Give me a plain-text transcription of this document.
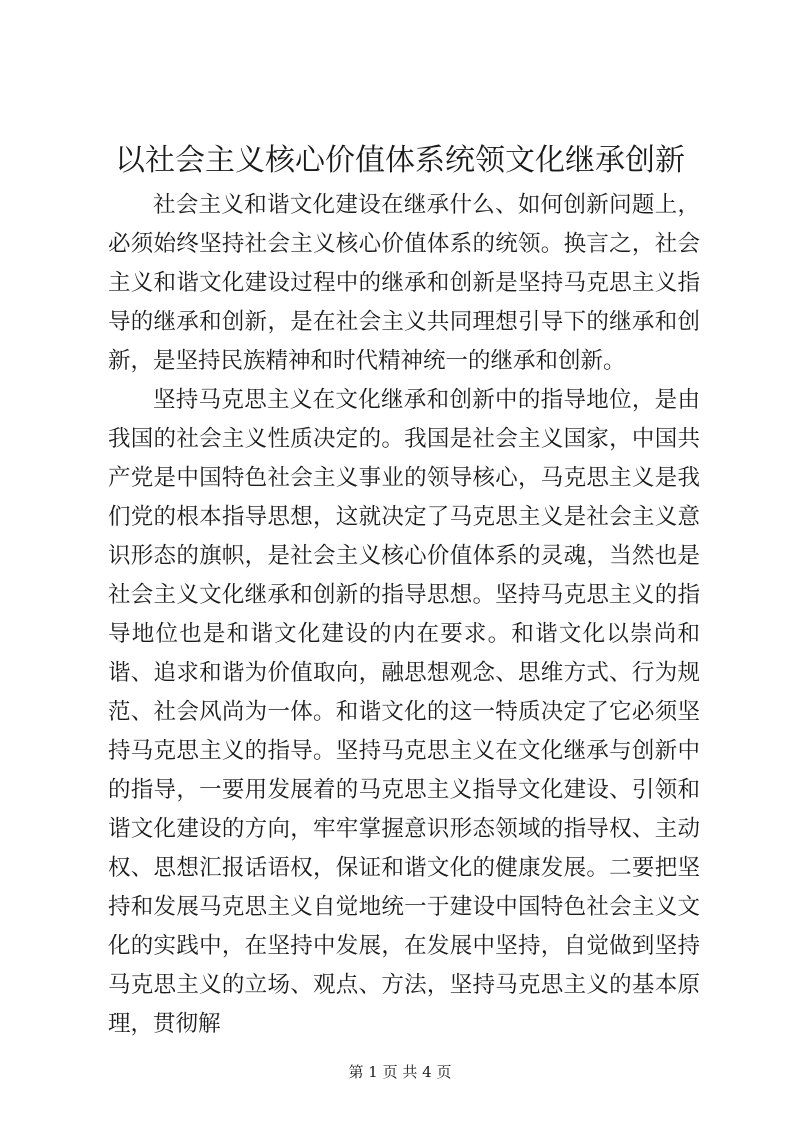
以社会主义核心价值体系统领文化继承创新

社会主义和谐文化建设在继承什么、如何创新问题上，必须始终坚持社会主义核心价值体系的统领。换言之，社会主义和谐文化建设过程中的继承和创新是坚持马克思主义指导的继承和创新，是在社会主义共同理想引导下的继承和创新，是坚持民族精神和时代精神统一的继承和创新。

坚持马克思主义在文化继承和创新中的指导地位，是由我国的社会主义性质决定的。我国是社会主义国家，中国共产党是中国特色社会主义事业的领导核心，马克思主义是我们党的根本指导思想，这就决定了马克思主义是社会主义意识形态的旗帜，是社会主义核心价值体系的灵魂，当然也是社会主义文化继承和创新的指导思想。坚持马克思主义的指导地位也是和谐文化建设的内在要求。和谐文化以崇尚和谐、追求和谐为价值取向，融思想观念、思维方式、行为规范、社会风尚为一体。和谐文化的这一特质决定了它必须坚持马克思主义的指导。坚持马克思主义在文化继承与创新中的指导，一要用发展着的马克思主义指导文化建设、引领和谐文化建设的方向，牢牢掌握意识形态领域的指导权、主动权、思想汇报话语权，保证和谐文化的健康发展。二要把坚持和发展马克思主义自觉地统一于建设中国特色社会主义文化的实践中，在坚持中发展，在发展中坚持，自觉做到坚持马克思主义的立场、观点、方法，坚持马克思主义的基本原理，贯彻解

第 1 页 共 4 页
